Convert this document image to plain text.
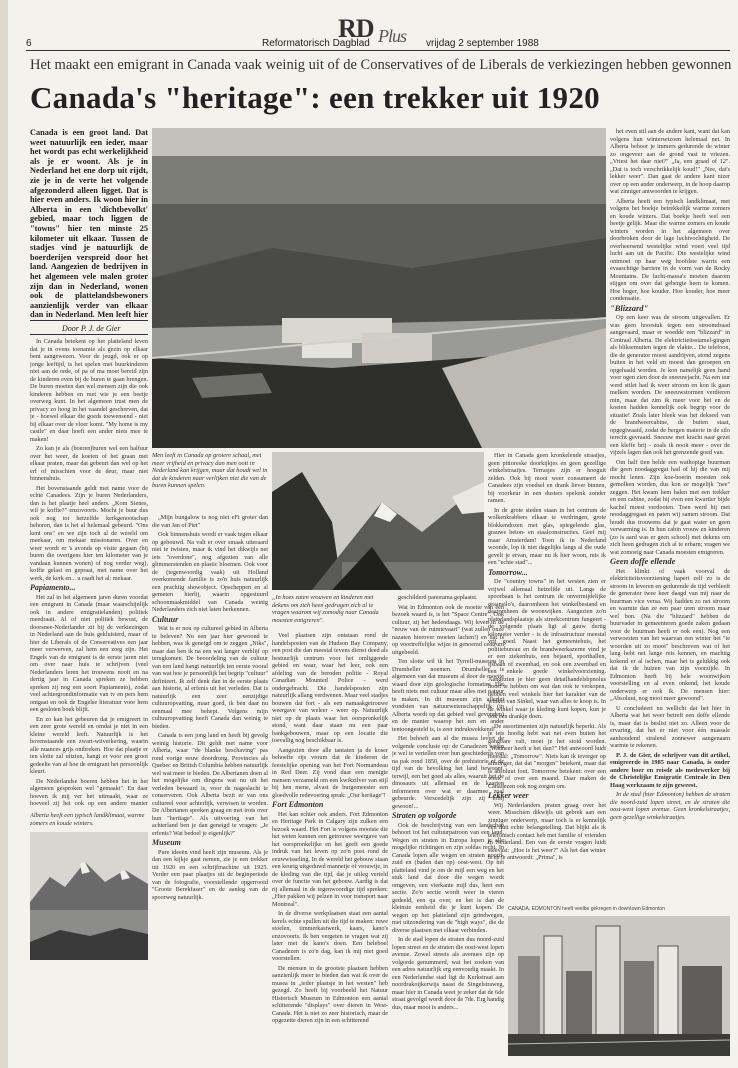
RD Plus
6	Reformatorisch Dagblad	vrijdag 2 september 1988
Het maakt een emigrant in Canada vaak weinig uit of de Conservatives of de Liberals de verkiezingen hebben gewonnen
Canada's "heritage": een trekker uit 1920
Canada is een groot land. Dat weet natuurlijk een ieder, maar het wordt pas echt werkelijkheid als je er woont. Als je in Nederland het ene dorp uit rijdt, zie je in de verte het volgende afgezonderd alleen ligget. Dat is hier even anders. Ik woon hier in Alberta in een 'dichtbevolkt' gebied, maar toch liggen de "towns" hier ten minste 25 kilometer uit elkaar. Tussen de stadjes vind je natuurlijk de boerderijen verspreid door het land. Aangezien de bedrijven in het algemeen vele malen groter zijn dan in Nederland, wonen ook de plattelandsbewoners aanzienlijk verder van elkaar dan in Nederland. Men leeft hier
Door P. J. de Gier

In Canada betekent op het platteland leven dat je in ovens toenamie als gezin op elkaar bent aangewezen. Voor de jeugd, ook er op jonge leeftijd, is het spelen met buurkinderen niet aan de orde, of pa of ma moet bereid zijn de kinderen even bij de buren te gaan brengen. De buren moeten dan wel mensen zijn die ook kinderen hebben en met wie je een beetje overweg kunt. In het algemeen trust men de privacy zo hoog in het vaandel geschreven, dat je - hoewel elkaar die goeds toewensend - niet bij elkaar over de vloer komt. "My home is my castle" en daar hoeft een ander niets mee te maken!

Zo kan je als (boeren)buren wel een halfuur over het weer, de koeien of het graan met elkaar praten, maar dat gebeurt dan wel op het erf of misschien voor de deur, maar niet binnenshuis.

Het bovenstaande geldt met name voor de echte Canadees. Zijn je buren Nederlanders, dan is het plaatje heel anders. „Kom Sienes, wil je koffie?" enzovoorts. Mocht je buur dus ook nog tot hetzelfde kerkgenootschap behoren, dan is het al helemaal gebeurd. "Ons kent ons" en we zijn toch al de wereld om meekaar, om mekaar missionaren. Over en weer wordt er 's avonds op visite gegaan (bij buren die overigens hier ten kilometer van je vandaan kunnen wonen) of nog verder weg), koffie gelast en gepraat, met name over het werk, de kerk en... u raadt het al: mekaar.

Papiamento...

Het zal in het algemeen jaren duren voordat een emigrant in Canada (maar waarschijnlijk ook in andere emigratielanden) politiek meedraait. Al of niet politiek bewust, de doorsnee-Nederlander zit bij de verkiezingen in Nederland aan de buis gekluisterd, maar of hier de Liberals of de Conservatives een jaar meer verwerven, zal hem een zorg zijn. Het Engels van de emigrant is de eerste jaren niet om over naar huis te schrijven (veel Nederlanders leren het trouwens nooit en na dertig jaar in Canada spreken ze hebben spreken zij nog een soort Papiamento), zodat veel achtergrondinformatie van tv en pers hem ontgaat en ook de Engelse literatuur voor hem een gesloten boek blijft.

En zo kan het gebeuren dat je emigreert in een zeer grote wereld en omdat je niet in een kleine wereld leeft. Natuurlijk is het bovenstaande een zwart-witverkering, waarin alle nuances grijs ontbreken. Hoe dat plaatje er ten slotte zal uitzien, hangt er voor een groot gedeelte van af hoe de emigrant het persoonlijk kleurt.

De Nederlandse boeren hebben het in het algemeen gesproken wel "gemaakt". En daar hoeven ik mij ver het uitmaakt, waar ze hoeveel zij het ook op een andere manier

Alberta heeft een typisch landklimaat, warme zomers en koude winters.
Men leeft in Canada op grotere schaal, met meer vrijheid en privacy dan men ooit in Nederland kan krijgen, maar dat houdt wel in dat de kinderen naar verlijken niet die van de buren kunnen spelen.

„Mijn bungalow is nog niet eFt groter dan die van Jan of Piet"

Ook binnenshuis wordt er vaak tegen elkaar op gebouwd. Na valt er over smaak uiteraard niet te twisten, maar ik vind het dikwijls net iets "overdone", nog afgezien van alle glimmerstenden en plastic bloemen. Ook voor de (tegenwoordig vaak) uit Holland overkomende familie is zo'n huis natuurlijk een prachtig showobject. Opscheppen en al gemeten hierlij, waarin opgestuurd schoonmaakmiddel van Canada weinig Nederlanders zich niet laten herkennen.

Cultuur

Wat is er nou op cultureel gebied in Alberta te beleven? Nu een jaar hier gewoond te hebben, was ik geneigd om te zeggen „Niks", maar dan ben ik na een wat langer verblijf op terugkomen. De beoordeling van de cultuur van een land hangt natuurlijk ten eerste vooral van wat hoe je persoonlijk het begrip "cultuur" definieert. Ik zelf denk dan in de eerste plaats aan historie, al erfenis uit het verleden. Dat is natuurlijk een zeer eenzijdige cultuuropvatting, maar goed, ik ben daar nu eenmaal mee behept. Volgens mijn cultuuropvatting heeft Canada dan weinig te bieden.

Canada is een jong land en heeft bij gevolg weinig historie. Dit geldt met name voor Alberta, waar "de blanke beschaving" pas rond vorige eeuw doordrong. Provincies als Quebec en British Columbia hebben natuurlijk wel wat meer te bieden. De Albertanen doen al het mogelijke om dingens wat nu uit het verleden bewaard is, voor de nageslacht te conserveren. Ook Alberta bezit er van ons cultureel voor achterlijk, verwisen te worden. De Albertanen spreken graag en met trots over hun "heritage". Als uitvoering van het achterland ben je dan geneigd te vragen: „Je erfenis? Wat bedoel je eigenlijk?"

Museum

Pure ideeën vind heeft zijn museum. Als je dan een kijkje gaat nemen, zie je een trekker uit 1920 en een schrijfmachine uit 1925. Verder een paar plaatjes uit de beginperiode van de fotografie, voorstellende opgerrooid "Groote Berekfaser" en de aanleg van de spoorweg natuurlijk.

„In hoes zaten vrouwen en kinderen met dekens om zich heen gedragen zich al te vragen waarom wij zomodig naar Canada moesten emigreren".

Veel plaatsen zijn ontstaan rond de handelsposten van de Hudson Bay Company, een post die dan meestal tevens dienst deed als bestuurlijk centrum voor het omliggende gebied en waar, waar het leer, ook een afdeling van de beroden politie - Royal Canadian Mounted Police - werd ondergebracht. Die handelsposten zijn natuurlijk allang verdwenen. Maar veel stadjes bouwen dat fort - als een namaakgetrouwe weergave van weleer - weer op. Natuurlijk niet op de plaats waar het oorspronkelijk stond, want daar staan nu een paar bankgebouwen, maar op een locatie die toevallig nog beschikbaar is.

Aangezien door alle tantaten ja de koser behoefte rijs vroum dat de kinderen de feestelijke opening van het Fort Normandeau in Red Deer. Zij vond daar een menigte mensen verzameld om een kwikzilver van stijl bij hen mene, alvast de burgemeester een gloedvolle redevoering sprak: „Our heritage"!

Fort Edmonton

Het kan echter ook anders. Fort Edmonton en Heritage Park in Calgary zijn zulken een bezoek waard. Het Fort is volgens mooiste die het weten kunnen een getrouwe weergave van het oorspronkelijke en het geeft een goede indruk van het leven op zo'n post rond de eeuwwisseling. In de wereld het gebouw staan een keurig uitgeduwd mannetje of vrouwtje, in de kleding van die tijd, dat je uitleg verteld over de functie van het gebouw. Aardig is dat rij allemaal in de tegenwoordige tijd spreken: „Hier pakken wij pelzen in voor transport naar Montreal".

In de diverse werkplaatsen staat een aantal kerels echte spullen uit die tijd te maken: ruwe stoelen, timmerkastwerk, kaars, kano's enzovoorts. Ik ben vergeten te vragen wat zij later met de kano's doen. Een heleboel Canadezen is zo'n dag, kan ik mij niet goed voorstellen.

De mensen in de grootste plaatsen hebben aanzienlijk meer te bieden dan wat ik over de musea in „ieder plaatsje in het westen" heb gezegd. Zo heeft bij voorbeeld het Natuur Historisch Museum in Edmonton een aantal schitterende "displays" over dieren in West-Canada. Het is niet zo zeer historisch, maar de opgezette dieren zijn in een schitterend

geschilderd panorama geplaatst.

Wat in Edmonton ook de moeite van een bezoek waard is, is het "Space Centre". Ook cultuur, zij het hedendaags. Wij leven in de "eeuw van de ruimtevaart" (wat zullen onze nazaten hierover moeten lachen!) en dat is op voortreffelijke wijze in genoemd centrum uitgebeeld.

Ten slotte wil ik het Tyrrell-museum in Drumheller noemen. Drumheller is algemeen van dat museum al door de moeite waard door zijn geologische formaties. Dat heeft niets met cultuur maar alles met natuur te maken. In dit museum zijn allerlei vondsten van natuurwetenschappelijk (in Alberta wordt op dat gebied veel gevonden) en de manier waarop het een en ander tentoongesteld is, is zeer indrukwekkend!

Het behoeft aan al die musea levert de volgende conclusie op: de Canadezen weten je wel te vertellen over hun geschiedenis van na pak rond 1850, over de prehistorie of de tijd van de bevolking het land bewoont, terwijl, een het goed als alles, waaruit het de dinosaurs uit allemaal en de kaarten informeren over wat er daarmee zoal gebeurde. Verscedelijk zijn zij erbij gewoon!...

Straten op volgorde

Ook de beschrijving van een landschap behoort tot het cultuurpatroon van een land. Wegen en straten in Europa lopen je alle mogelijke richtingen en zijn soldas recht. In Canada lopen alle wegen en straten noord-zuid en (baden dan op) oost-west. Op het platteland vind je om de mijl een weg en het stuk land dat door die wegen wordt omgeven, een vierkante mijl dus, heet een sectie. Zo'n sectie wordt weer in vieren gedeeld, een qa over, en het is dan de kleinste eenheid die je kunt kopen. De wegen op het platteland zijn grindwegen, met uitzondering van de "high ways", die de diverse plaatsen met elkaar verbinden.

In de stad lopen de straten dus noord-zuid lopen street en de straten die oost-west lopen avenue. Zowel streets als avenues zijn op volgorde genummerd, wat het zoeken van een adres natuurlijk erg eenvoudig maakt. In een Nederlandse stad ligt de Kerkstraat aan noordrakoijkerwijs naast de Singelstraweg, maar hier in Canada weet je zeker dat de 6de straat gevolgd wordt door de 7de. Erg handig dus, maar mooi is anders...

Hier in Canada geen kronkelende straatjes, geen pittoreske doorkijkjes en geen gezellige winkelstraatjes. Terrasjes zijn er hooguit zelden. Ook bij mooi weer consumeert de Canadees zijn voedsel en drank liever binnen, bij voorkeur in een dusters spelonk zonder ramen.

In de grote steden staan in het centrum de wolkenkrabbers elkaar te verdringen, grote blokkendozen met glas, spiegelende glas, grauwe beton- en staalconstructies. Geef mij maar Amsterdam! Toen ik in Nederland woonde, lop ik niet dagelijks langs al die oude gevelt je ervan, maar nu ik hier woon, mis ik een "echte stad"...

Tomorrow...

De "country towns" in het westen zien er vrijwel allemaal hetzelfde uit. Langs de spoorbaan is het centrum de onvermijdelijke graansilo's, daaromheen het winkelbestand en daaromheen de woonwijken. Aangezien zo'n plattelandsplaatsje als streekcentrum fungeert - de volgende plaats ligt al gauw dertig kilometer verder - is de infrastructuur meestal vrij goed. Naast het gemeentehuis, het politiebureau en de brandweerkazerne vind je er een ziekenhuis, een bejaard, sporthallen, ijsbaan of zwembad, en ook een zwembad en een enkele goede winkelvoorziening. Aangezien je hier geen detailhandelsbpnolus hoort te hebben om wat dan ook te verkopen, hebben veel winkels hier het karakter van de winkel van Sinkel, waar van alles te koop is. In de winkel waar je kleding kunt kopen, kun je ook een drankje doen.

De assortimenten zijn natuurlijk beperkt. Als je iets hoofig hebt wat net even buiten het gangbare valt, moet je het stoid worden. „Wanneer heeft u het dan?" Het antwoord luidt meestal: „Tomorrow". Niets kan ik tevreger op afmonger, dat dat "morgen" betekent, maar dat is absoluut fout. Tomorrow betekent: over een week of over een maand. Daar maken de Canadezen ook nog zorgen om.

Lekker weer

Wij Nederlanders praten graag over het weer. Misschien dikwijls uit gebrek aan een zinniger onderwerp, maar toch is er kennelijk een duit echte belangstelling. Dat blijkt als ik telefonisch contact heb met familie of vrienden in Nederland. Een van de eerste vragen luidt steevast: „Hoe is het weer?" Als het dan winter is en je antwoordt: „Prima", is

het even stil aan de andere kant, want dat kan volgens hun winterseizoen helemaal net. In Alberta behoor je immers gedurende de winter zo ongeveer aan de grond vast te vriezen. „Vriest het daar niet?" „Ja, een graad of 12". „Dat is toch verschrikkelijk koud!" „Nee, dat's lekker weer". Dan gaat de andere kant nizer over op een ander onderwerp, in de hoop daarop wat zinniger antwoorden te krijgen.

Alberta heeft een typisch landklimaat, met volgens het boekje betrekkelijk warme zomers en koude winters. Dat boekje heeft wel een beetje gelijk. Maar die warme zomers en koude winters worden in het algemeen over doorbroken door de lage luchtvochtigheid. De overheersend westelijke wind voert veel tijd lucht aan uit de Pacific. Die westelijke wind ontmoet op haar weg hoofdste warrts een evaaschtige barriere in de vorm van de Rocky Mountains. De lucht-massa's moeten daarom stijgen om over dat gebergte heen te komen. Hoe hoger, hoe kouder. Hoe kouder, hoe meer condensatie.

"Blizzard"

Op een keer was de stroom uitgevallen. Er was geen hoorstuk tegen een stroomdraad aangevaard, maar er woedde een "blizzard" in Centraal Alberta. De elektriciteitsstamel-gingen als bliksemuiten tegen de vlakte... De telefoon, die de generator moest aandrijven, stond zegens buiten in het veld en moest dan geroepen en opgehaald worden. Je kon namelijk geen hand voor ogen zien door de sneeuwjacht. Na een uur werd stilet had ik weer stroom en kon ik gaan melken worden. De sneeuwstormen verdieren min, maar dat zim ik meer voor het en de koeien hadden kennelijk ook begrip voor de situatie! Zoals later bleek was het dekseel van de brandweercabine, de buiten staat, opgegiwaaid, zodat de bergen materie in de silo terecht gevraaid. Sneeuw met kracht naar gezet een kleffe brij - zoals ik nooit meer - over de vijzels lagen dan ook het grenzende goed van.

Om half tien belde een wathopige buurman die geen noodaggregat had of hij die van mij mocht lenen. Zijn koe-boerin moesten ook gemolken worden, dus kon ze mogelijk "nee" zeggen. Het kwam hem halen met een trekker en een cabine, zodat hij even een kwartier bijde kachel moest verdooien. Toen werd hij met noodaggregaat en paten wij samen stroom. Dat houdt dus trouwens dat je gaat water en geen verwarming is. In hun cabin vrouw en kinderen (zo is aard was er geen school) met dekens om zich heen gedragen zich al te erbarn; vragen we wat zomoeig naar Canada moesten emigreren.

Geen doffe ellende

Het klinkt of vaak voorval de elektriciteitsvoorziening hapert zelf zo is de stroom in leveren en gedurende de tijd verbleeft de generator twee keer daagd van mij naar de buurman vice versa. Wij hadden zo net stroom en warmte dan ze een paar uren stroom maar wel bon. (Na die "blizzard" hebben de buurvader in gemeenteren goede zaken gedaan voor de buurman heeft er ook een). Nog een verwoesten van het waarvan een winter het "te woorden uit zo mooi" beschreven wat of het lang hebt net lange reis kennen, en machtig kokend er al ischen, maar het is gelukkig ook dat ik de huizen van zijn voorzijde. In Edmonton heeft bij hele woonwijken voorstelling en al even onkend, het koude onderwerp er ook ik. De mensen hier: „Absoluut, nog mooi meer gewoond".

U concludeert nu wellicht dat het hier in Alberta wat het weer betreft een doffe ellende is, maar dat is beslist niet zo. Alleen voor de ervaring, dat het er niet voor één massale aanhoudend stralend zonnewer aangenaam warmte te rekenen.

P. J. de Gier, de schrijver van dit artikel, emigreerde in 1985 naar Canada, is onder andere boer en reisde als medewerker bij de Christelijke Emigratie Centrale in Den Haag werkzaam te zijn geweest.

In de stad (hier Edmonton) hebben de straten die noord-zuid lopen street, en de straten die oost-west lopen avenue. Geen kronkelstraatjes, geen gezellige winkelstraatjes.

CANADA, EDMONTON heeft veelbe gekregen in downtown Edmonton
